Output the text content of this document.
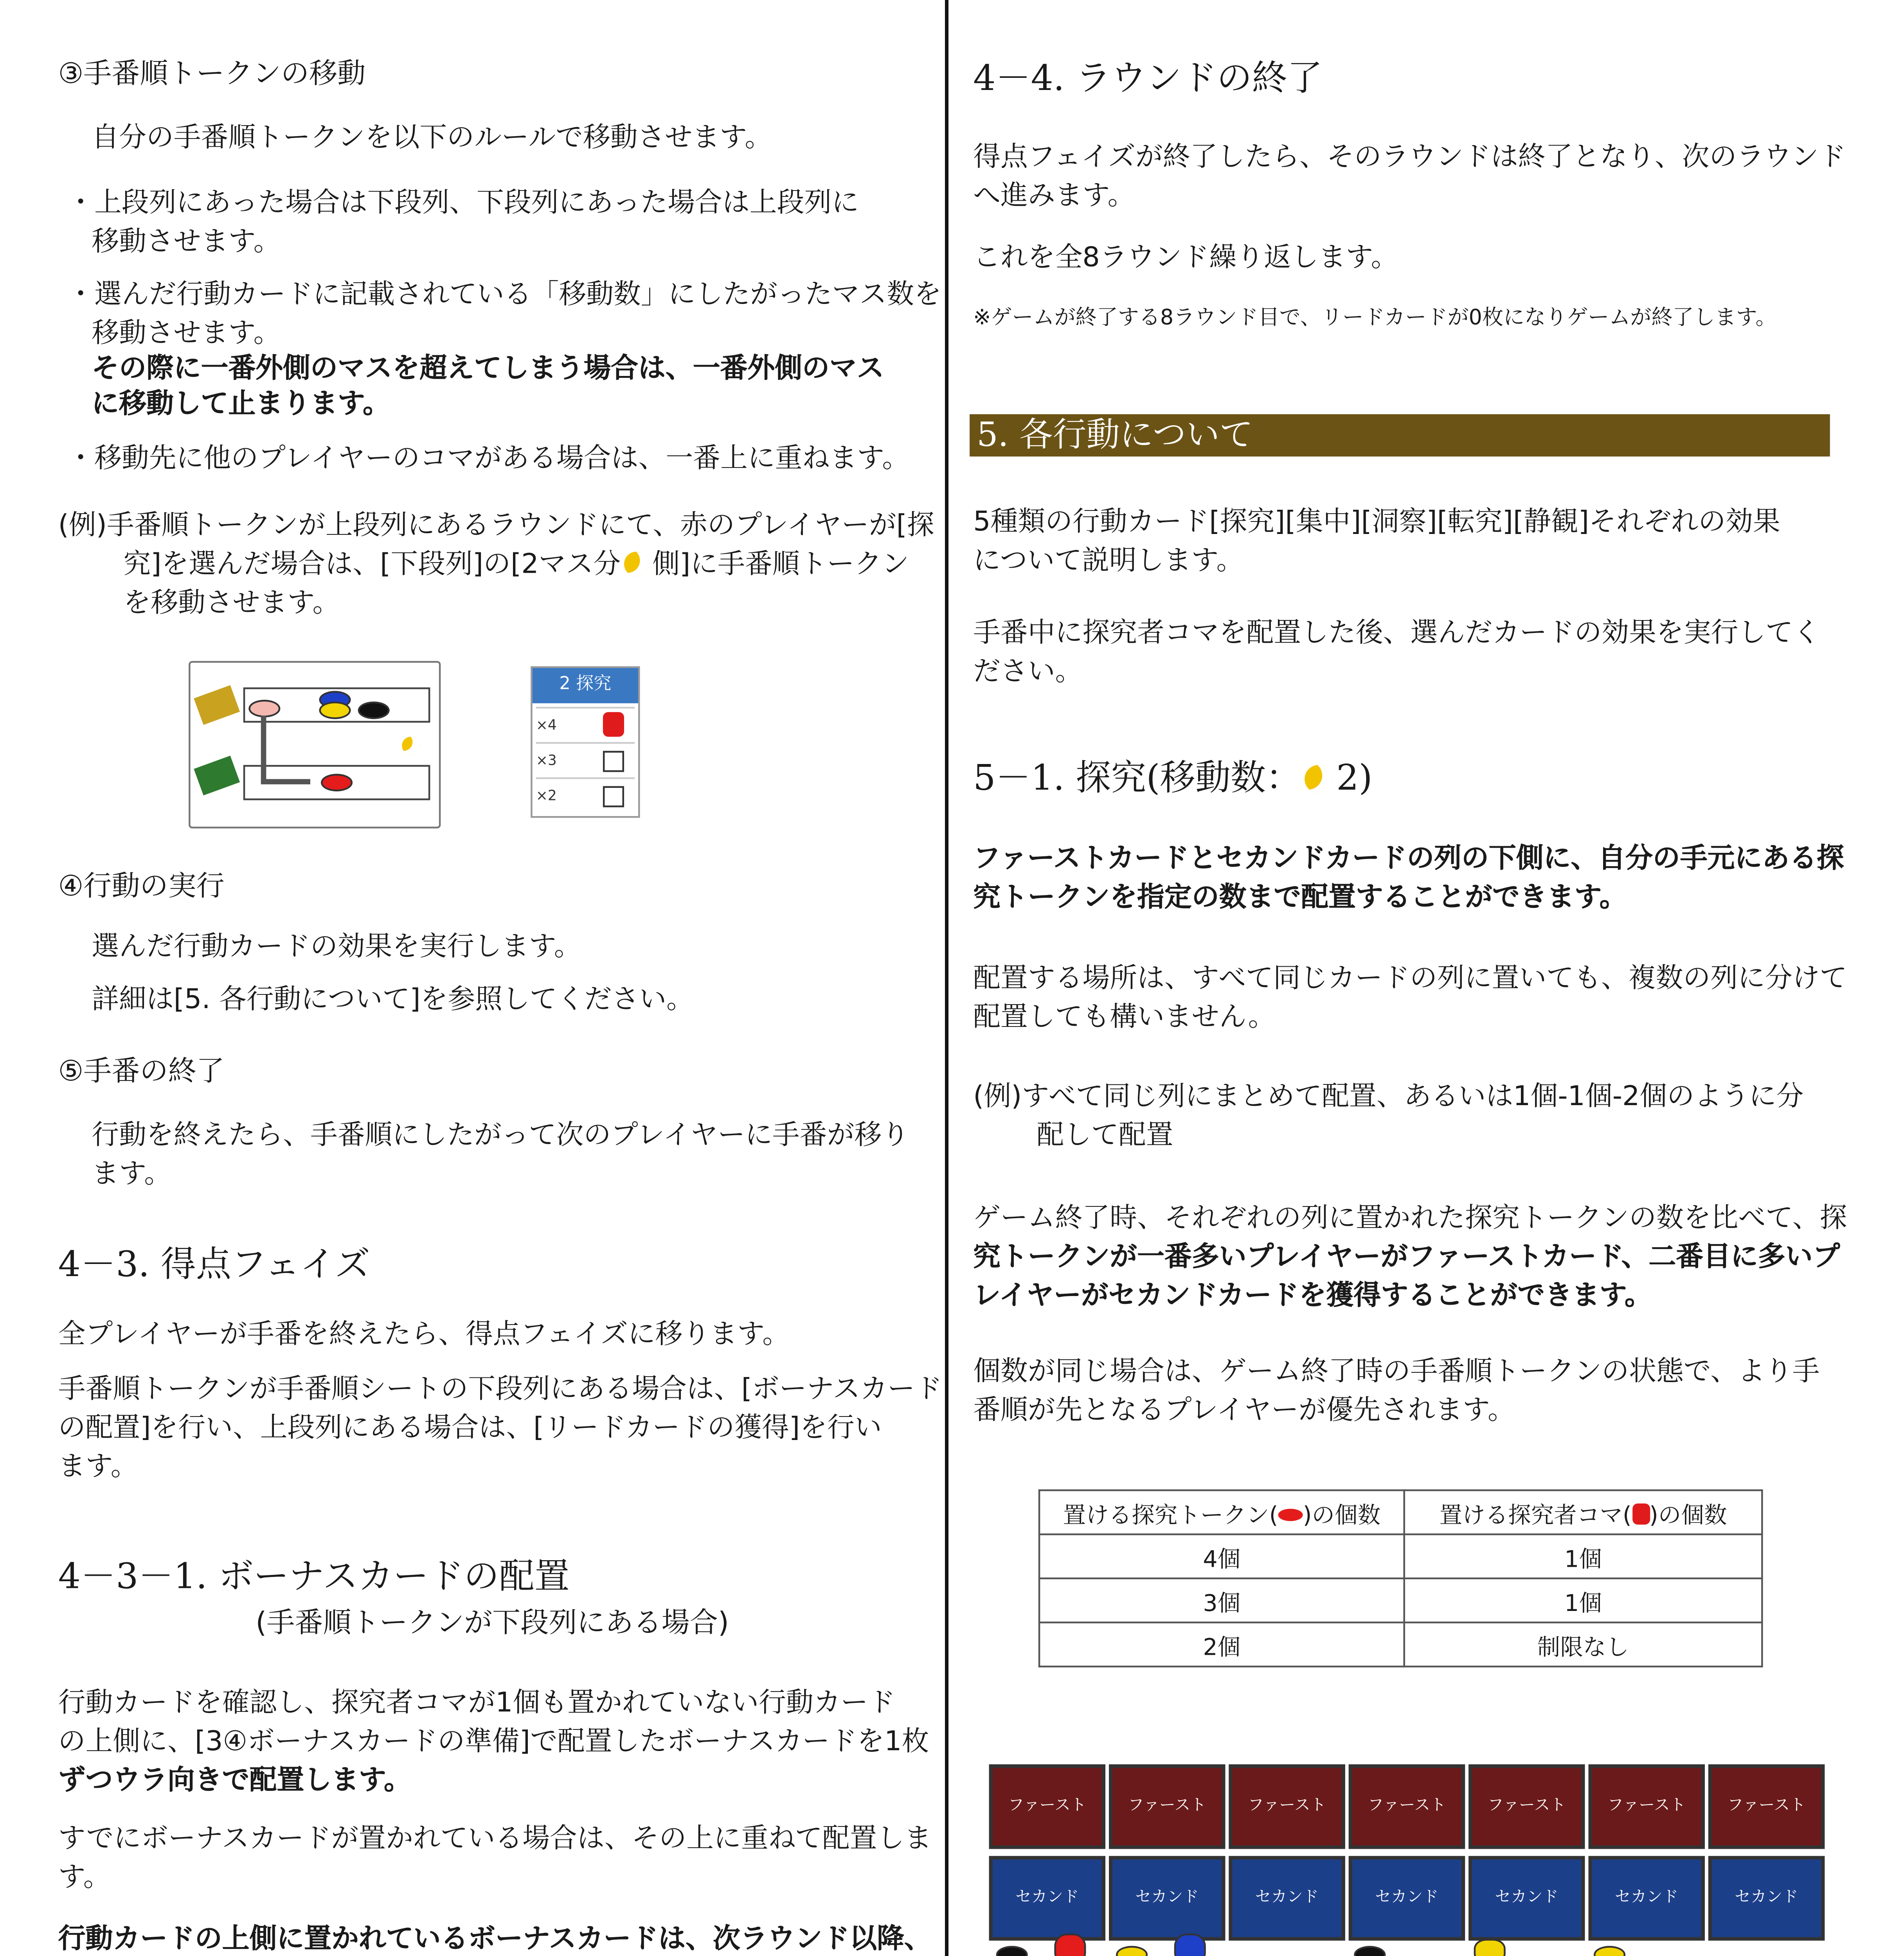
③手番順トークンの移動
自分の手番順トークンを以下のルールで移動させます。
・上段列にあった場合は下段列、下段列にあった場合は上段列に
移動させます。
・選んだ行動カードに記載されている「移動数」にしたがったマス数を
移動させます。
その際に一番外側のマスを超えてしまう場合は、一番外側のマス
に移動して止まります。
・移動先に他のプレイヤーのコマがある場合は、一番上に重ねます。
(例)手番順トークンが上段列にあるラウンドにて、赤のプレイヤーが[探
究]を選んだ場合は、[下段列]の[2マス分	側]に手番順トークン
を移動させます。
2 探究
×4
×3
×2
④行動の実行
選んだ行動カードの効果を実行します。
詳細は[5. 各行動について]を参照してください。
⑤手番の終了
行動を終えたら、手番順にしたがって次のプレイヤーに手番が移り
ます。
4－3. 得点フェイズ
全プレイヤーが手番を終えたら、得点フェイズに移ります。
手番順トークンが手番順シートの下段列にある場合は、[ボーナスカード
の配置]を行い、上段列にある場合は、[リードカードの獲得]を行い
ます。
4－3－1. ボーナスカードの配置
(手番順トークンが下段列にある場合)
行動カードを確認し、探究者コマが1個も置かれていない行動カード
の上側に、[3④ボーナスカードの準備]で配置したボーナスカードを1枚
ずつウラ向きで配置します。
すでにボーナスカードが置かれている場合は、その上に重ねて配置しま
す。
行動カードの上側に置かれているボーナスカードは、次ラウンド以降、
4－4. ラウンドの終了
得点フェイズが終了したら、そのラウンドは終了となり、次のラウンド
へ進みます。
これを全8ラウンド繰り返します。
※ゲームが終了する8ラウンド目で、リードカードが0枚になりゲームが終了します。
5. 各行動について
5種類の行動カード[探究][集中][洞察][転究][静観]それぞれの効果
について説明します。
手番中に探究者コマを配置した後、選んだカードの効果を実行してく
ださい。
5－1. 探究(移動数：	2)
ファーストカードとセカンドカードの列の下側に、自分の手元にある探
究トークンを指定の数まで配置することができます。
配置する場所は、すべて同じカードの列に置いても、複数の列に分けて
配置しても構いません。
(例)すべて同じ列にまとめて配置、あるいは1個-1個-2個のように分
配して配置
ゲーム終了時、それぞれの列に置かれた探究トークンの数を比べて、探
究トークンが一番多いプレイヤーがファーストカード、二番目に多いプ
レイヤーがセカンドカードを獲得することができます。
個数が同じ場合は、ゲーム終了時の手番順トークンの状態で、より手
番順が先となるプレイヤーが優先されます。
置ける探究トークン( )の個数	置ける探究者コマ( )の個数
4個	1個
3個	1個
2個	制限なし
ファースト
セカンド
ファースト
セカンド
ファースト
セカンド
ファースト
セカンド
ファースト
セカンド
ファースト
セカンド
ファースト
セカンド
